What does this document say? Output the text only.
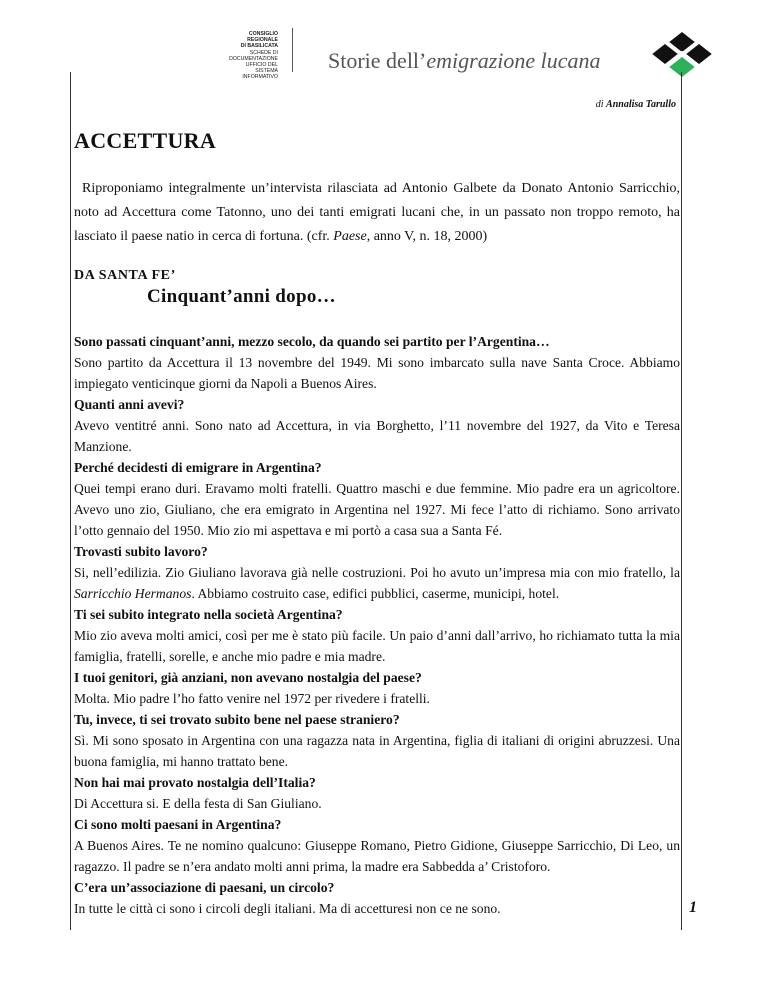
CONSIGLIO REGIONALE
DI BASILICATA
SCHEDE DI
DOCUMENTAZIONE
UFFICIO DEL
SISTEMA INFORMATIVO
Storie dell’emigrazione lucana
di Annalisa Tarullo
ACCETTURA
Riproponiamo integralmente un’intervista rilasciata ad Antonio Galbete da Donato Antonio Sarricchio, noto ad Accettura come Tatonno, uno dei tanti emigrati lucani che, in un passato non troppo remoto, ha lasciato il paese natio in cerca di fortuna. (cfr. Paese, anno V, n. 18, 2000)
DA SANTA FE’
Cinquant’anni dopo…

Sono passati cinquant’anni, mezzo secolo, da quando sei partito per l’Argentina…

Sono partito da Accettura il 13 novembre del 1949. Mi sono imbarcato sulla nave Santa Croce. Abbiamo impiegato venticinque giorni da Napoli a Buenos Aires.

Quanti anni avevi?

Avevo ventitré anni. Sono nato ad Accettura, in via Borghetto, l’11 novembre del 1927, da Vito e Teresa Manzione.

Perché decidesti di emigrare in Argentina?

Quei tempi erano duri. Eravamo molti fratelli. Quattro maschi e due femmine. Mio padre era un agricoltore. Avevo uno zio, Giuliano, che era emigrato in Argentina nel 1927. Mi fece l’atto di richiamo. Sono arrivato l’otto gennaio del 1950. Mio zio mi aspettava e mi portò a casa sua a Santa Fé.

Trovasti subito lavoro?

Si, nell’edilizia. Zio Giuliano lavorava già nelle costruzioni. Poi ho avuto un’impresa mia con mio fratello, la Sarricchio Hermanos. Abbiamo costruito case, edifici pubblici, caserme, municipi, hotel.

Ti sei subito integrato nella società Argentina?

Mio zio aveva molti amici, così per me è stato più facile. Un paio d’anni dall’arrivo, ho richiamato tutta la mia famiglia, fratelli, sorelle, e anche mio padre e mia madre.

I tuoi genitori, già anziani, non avevano nostalgia del paese?

Molta. Mio padre l’ho fatto venire nel 1972 per rivedere i fratelli.

Tu, invece, ti sei trovato subito bene nel paese straniero?

Sì. Mi sono sposato in Argentina con una ragazza nata in Argentina, figlia di italiani di origini abruzzesi. Una buona famiglia, mi hanno trattato bene.

Non hai mai provato nostalgia dell’Italia?

Di Accettura si. E della festa di San Giuliano.

Ci sono molti paesani in Argentina?

A Buenos Aires. Te ne nomino qualcuno: Giuseppe Romano, Pietro Gidione, Giuseppe Sarricchio, Di Leo, un ragazzo. Il padre se n’era andato molti anni prima, la madre era Sabbedda a’ Cristoforo.

C’era un’associazione di paesani, un circolo?

In tutte le città ci sono i circoli degli italiani. Ma di accetturesi non ce ne sono.	1
